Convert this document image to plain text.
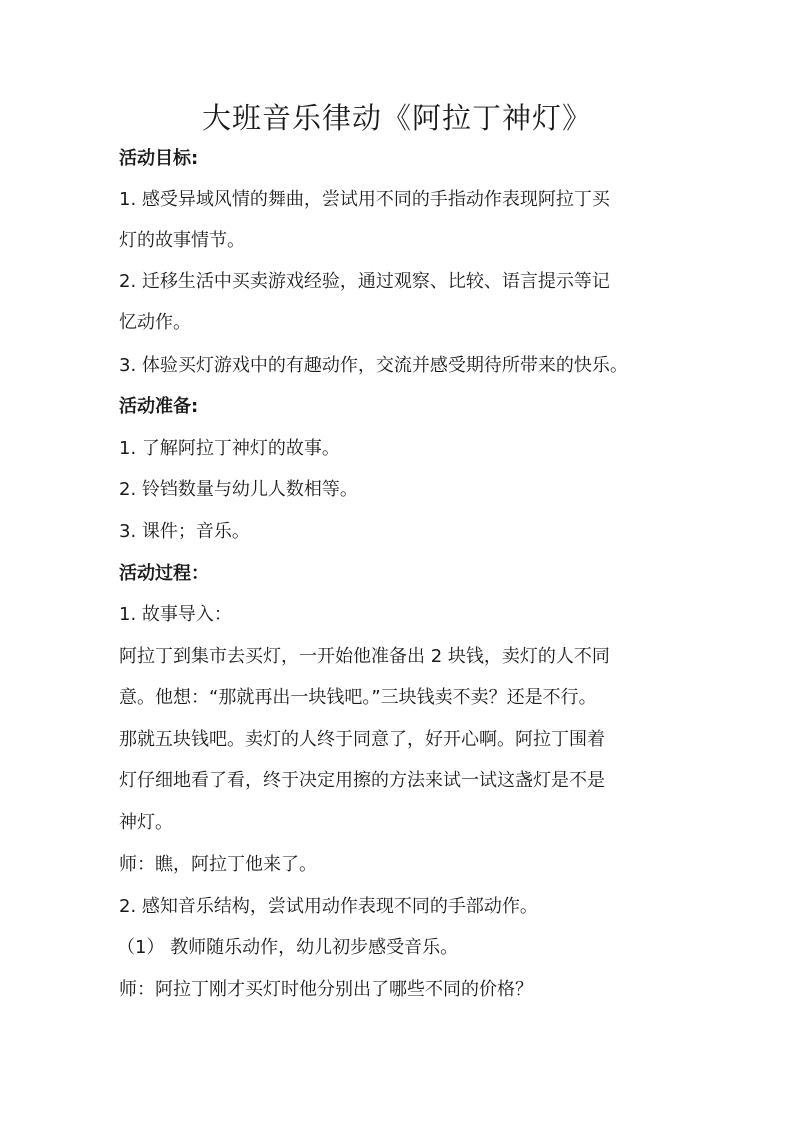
大班音乐律动《阿拉丁神灯》

活动目标:

1. 感受异域风情的舞曲，尝试用不同的手指动作表现阿拉丁买

灯的故事情节。

2. 迁移生活中买卖游戏经验，通过观察、比较、语言提示等记

忆动作。

3. 体验买灯游戏中的有趣动作，交流并感受期待所带来的快乐。

活动准备:

1. 了解阿拉丁神灯的故事。

2. 铃铛数量与幼儿人数相等。

3. 课件；音乐。

活动过程：

1. 故事导入：

阿拉丁到集市去买灯，一开始他准备出 2 块钱，卖灯的人不同

意。他想：“那就再出一块钱吧。”三块钱卖不卖？还是不行。

那就五块钱吧。卖灯的人终于同意了，好开心啊。阿拉丁围着

灯仔细地看了看，终于决定用擦的方法来试一试这盏灯是不是

神灯。

师：瞧，阿拉丁他来了。

2. 感知音乐结构，尝试用动作表现不同的手部动作。

（1） 教师随乐动作，幼儿初步感受音乐。

师：阿拉丁刚才买灯时他分别出了哪些不同的价格？
